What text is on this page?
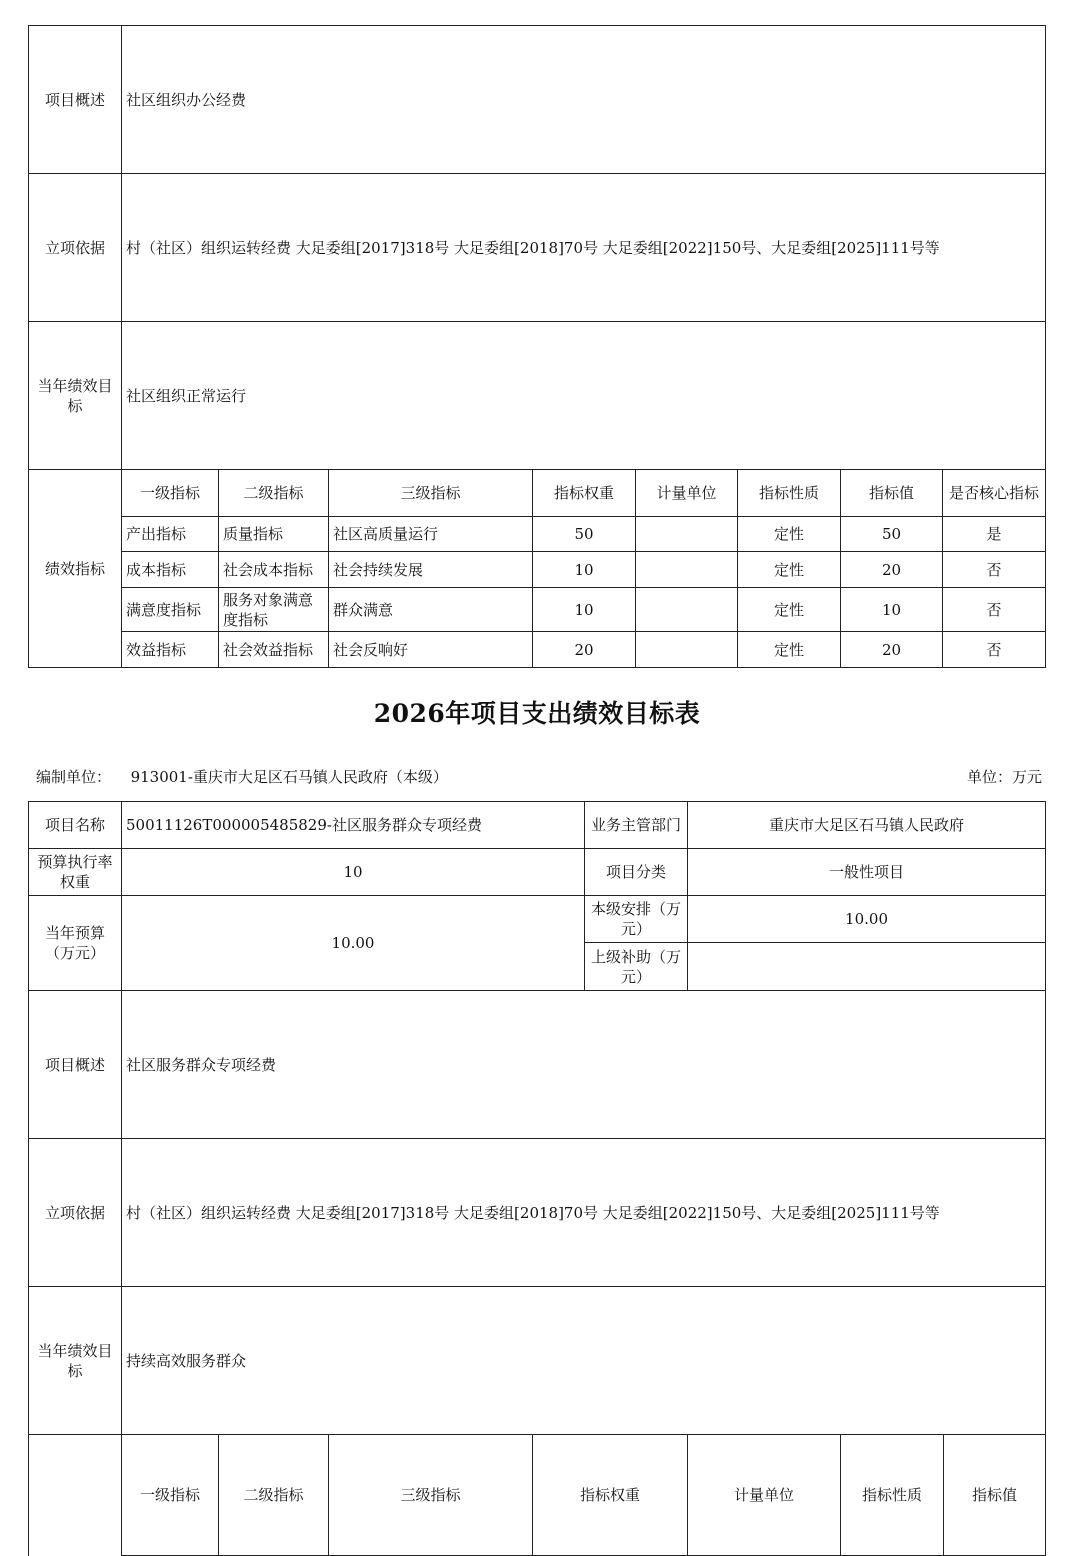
项目概述	社区组织办公经费							
立项依据	村（社区）组织运转经费 大足委组[2017]318号 大足委组[2018]70号 大足委组[2022]150号、大足委组[2025]111号等							
当年绩效目标	社区组织正常运行							
绩效指标	一级指标	二级指标	三级指标	指标权重	计量单位	指标性质	指标值	是否核心指标
	产出指标	质量指标	社区高质量运行	50		定性	50	是
	成本指标	社会成本指标	社会持续发展	10		定性	20	否
	满意度指标	服务对象满意度指标	群众满意	10		定性	10	否
	效益指标	社会效益指标	社会反响好	20		定性	20	否
2026年项目支出绩效目标表
编制单位： 913001-重庆市大足区石马镇人民政府（本级）	单位：万元
项目名称	50011126T000005485829-社区服务群众专项经费				业务主管部门	重庆市大足区石马镇人民政府			
预算执行率权重	10				项目分类	一般性项目			
当年预算（万元）	10.00				本级安排（万元）	10.00			
					上级补助（万元）				
项目概述	社区服务群众专项经费								
立项依据	村（社区）组织运转经费 大足委组[2017]318号 大足委组[2018]70号 大足委组[2022]150号、大足委组[2025]111号等								
当年绩效目标	持续高效服务群众								
	一级指标	二级指标	三级指标	指标权重		计量单位	指标性质	指标值	
